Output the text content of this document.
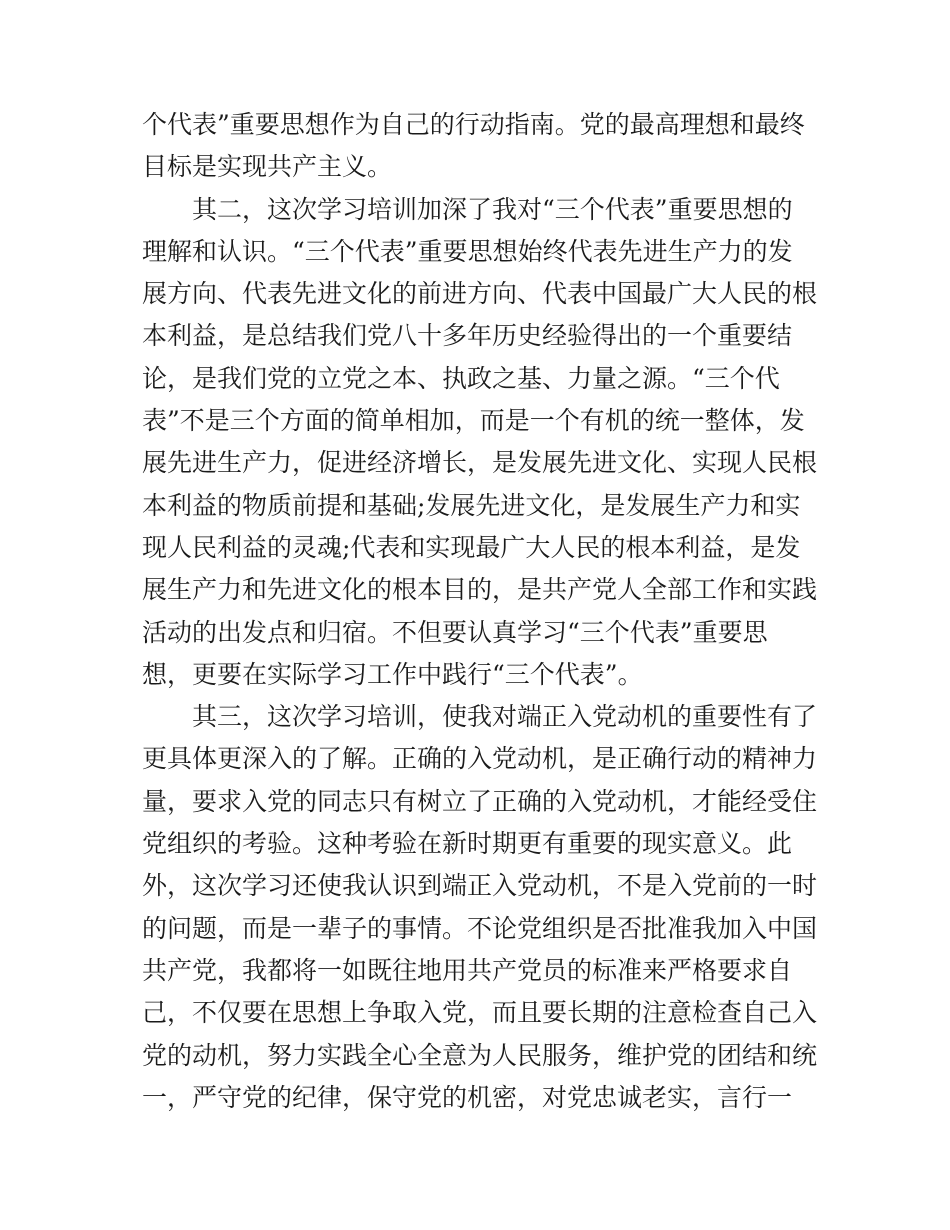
个代表”重要思想作为自己的行动指南。党的最高理想和最终
目标是实现共产主义。
　　其二，这次学习培训加深了我对“三个代表”重要思想的
理解和认识。“三个代表”重要思想始终代表先进生产力的发
展方向、代表先进文化的前进方向、代表中国最广大人民的根
本利益，是总结我们党八十多年历史经验得出的一个重要结
论，是我们党的立党之本、执政之基、力量之源。“三个代
表”不是三个方面的简单相加，而是一个有机的统一整体，发
展先进生产力，促进经济增长，是发展先进文化、实现人民根
本利益的物质前提和基础;发展先进文化，是发展生产力和实
现人民利益的灵魂;代表和实现最广大人民的根本利益，是发
展生产力和先进文化的根本目的，是共产党人全部工作和实践
活动的出发点和归宿。不但要认真学习“三个代表”重要思
想，更要在实际学习工作中践行“三个代表”。
　　其三，这次学习培训，使我对端正入党动机的重要性有了
更具体更深入的了解。正确的入党动机，是正确行动的精神力
量，要求入党的同志只有树立了正确的入党动机，才能经受住
党组织的考验。这种考验在新时期更有重要的现实意义。此
外，这次学习还使我认识到端正入党动机，不是入党前的一时
的问题，而是一辈子的事情。不论党组织是否批准我加入中国
共产党，我都将一如既往地用共产党员的标准来严格要求自
己，不仅要在思想上争取入党，而且要长期的注意检查自己入
党的动机，努力实践全心全意为人民服务，维护党的团结和统
一，严守党的纪律，保守党的机密，对党忠诚老实，言行一
